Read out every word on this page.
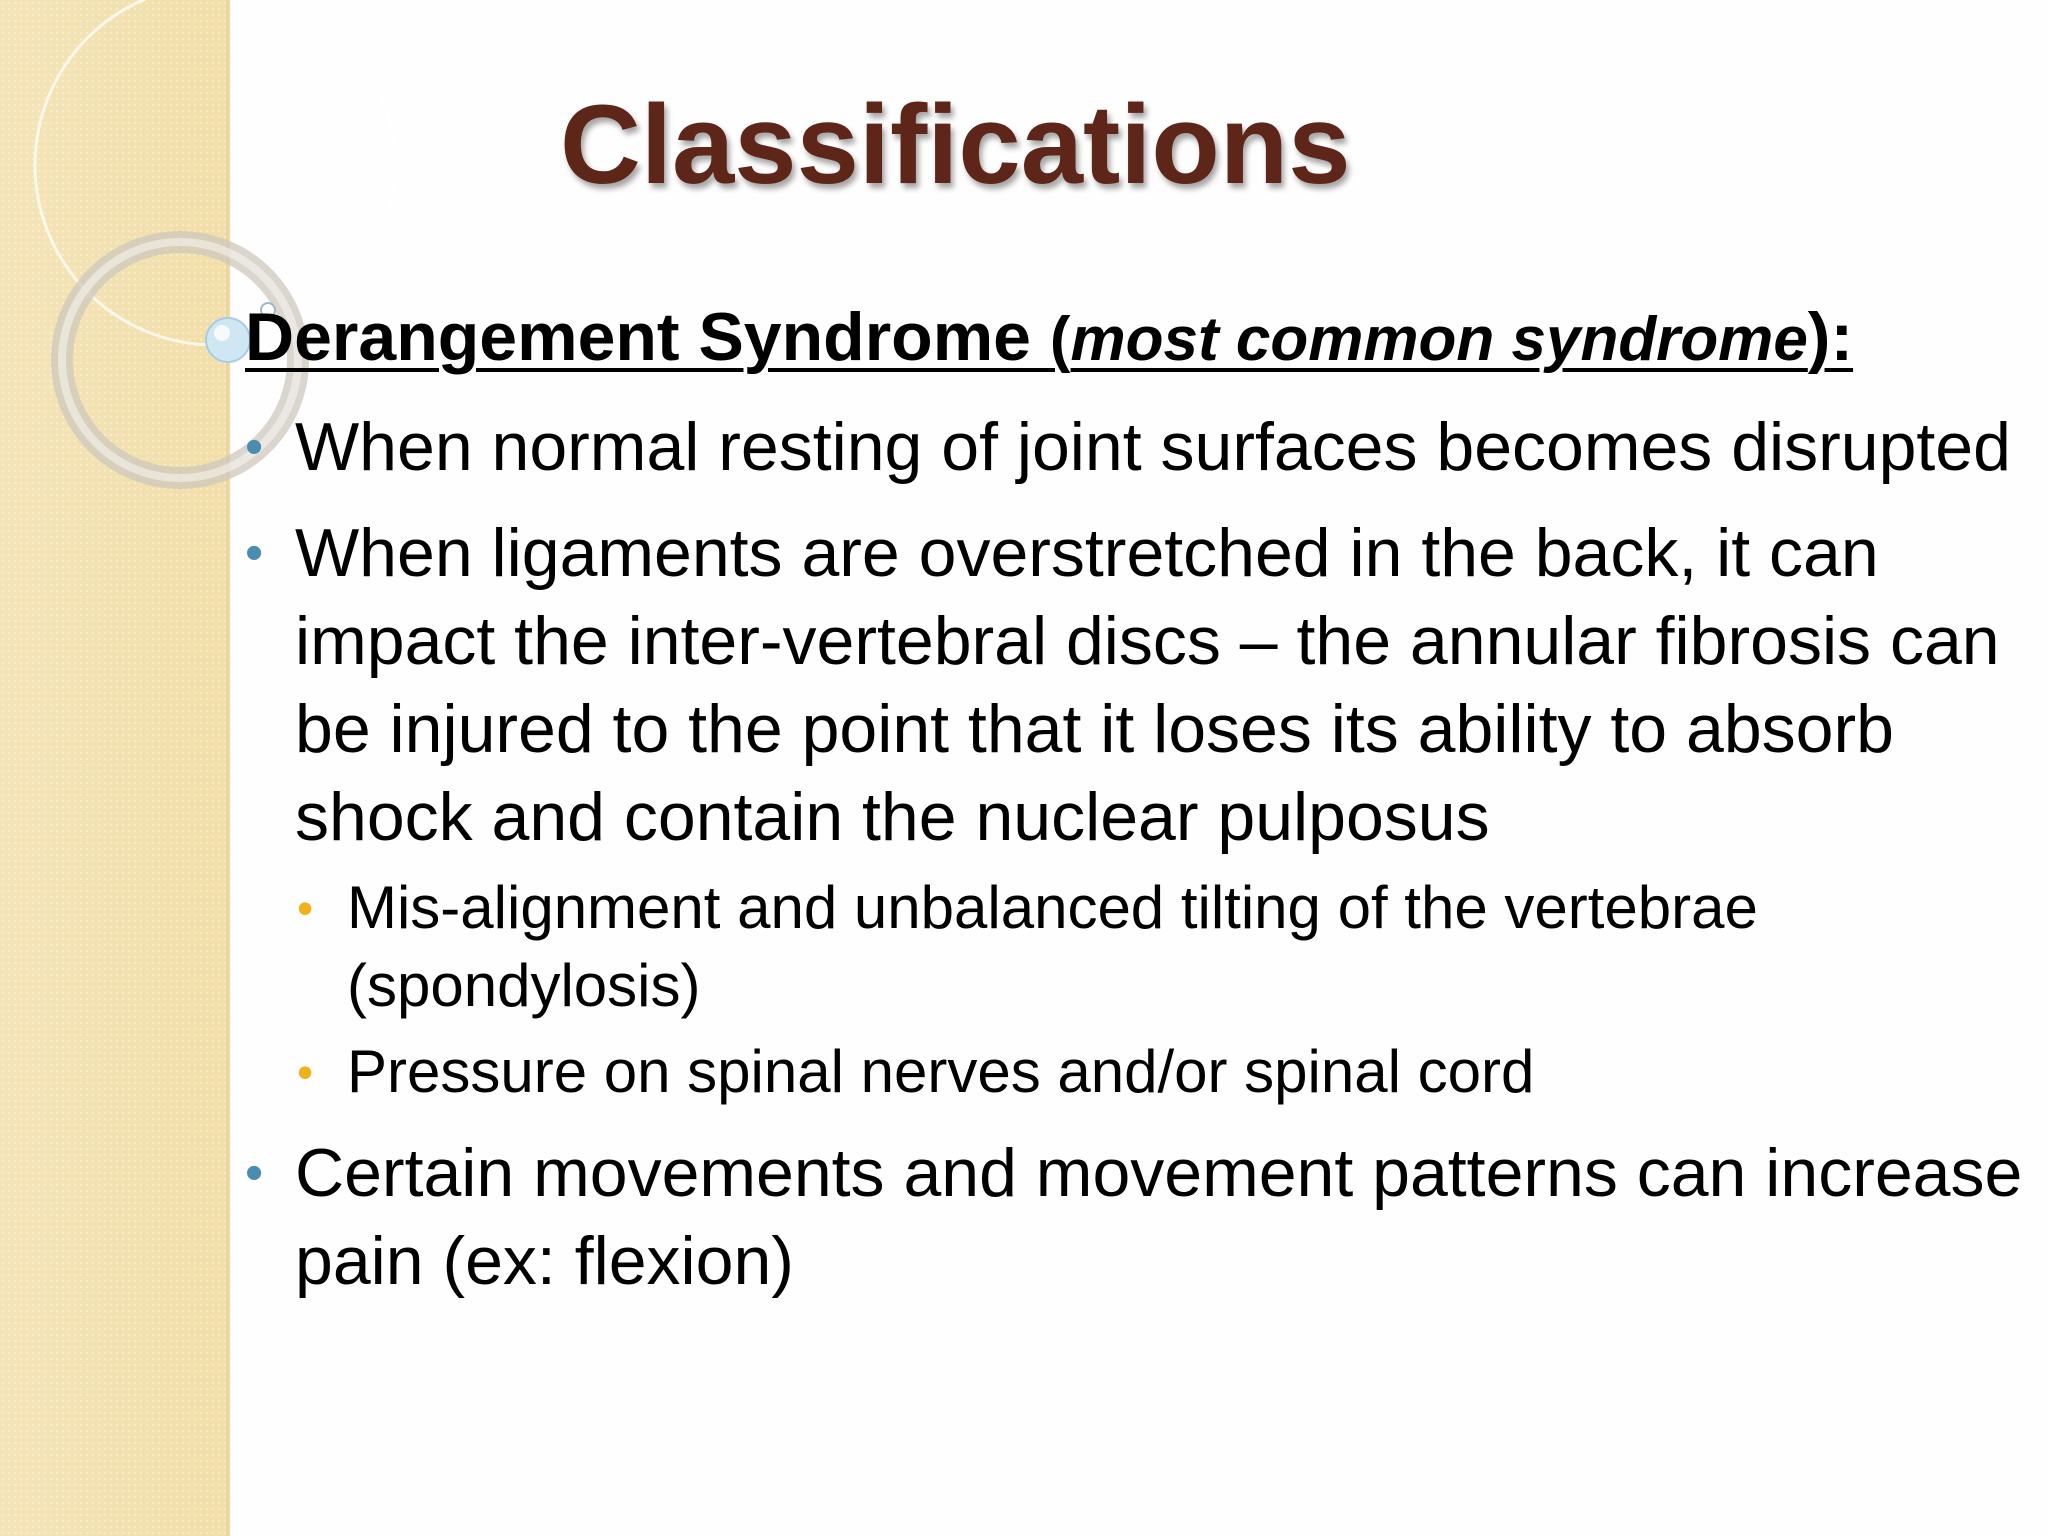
Classifications
Derangement Syndrome (most common syndrome):
• When normal resting of joint surfaces becomes disrupted
• When ligaments are overstretched in the back, it can impact the inter-vertebral discs – the annular fibrosis can be injured to the point that it loses its ability to absorb shock and contain the nuclear pulposus
• Mis-alignment and unbalanced tilting of the vertebrae (spondylosis)
• Pressure on spinal nerves and/or spinal cord
• Certain movements and movement patterns can increase pain (ex: flexion)
